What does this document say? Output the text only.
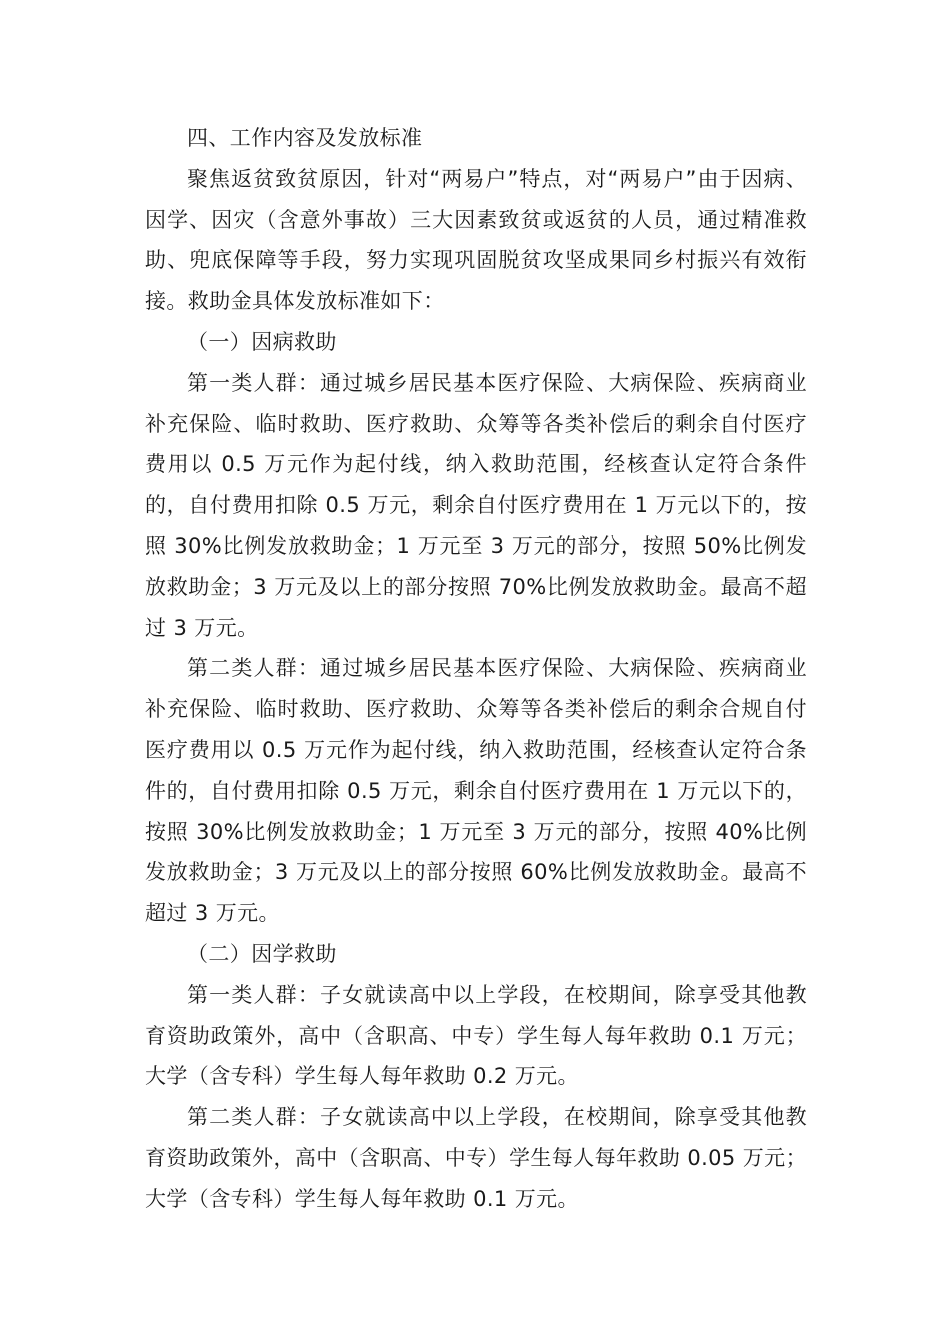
四、工作内容及发放标准

聚焦返贫致贫原因，针对“两易户”特点，对“两易户”由于因病、因学、因灾（含意外事故）三大因素致贫或返贫的人员，通过精准救助、兜底保障等手段，努力实现巩固脱贫攻坚成果同乡村振兴有效衔接。救助金具体发放标准如下：

（一）因病救助

第一类人群：通过城乡居民基本医疗保险、大病保险、疾病商业补充保险、临时救助、医疗救助、众筹等各类补偿后的剩余自付医疗费用以 0.5 万元作为起付线，纳入救助范围，经核查认定符合条件的，自付费用扣除 0.5 万元，剩余自付医疗费用在 1 万元以下的，按照 30%比例发放救助金；1 万元至 3 万元的部分，按照 50%比例发放救助金；3 万元及以上的部分按照 70%比例发放救助金。最高不超过 3 万元。

第二类人群：通过城乡居民基本医疗保险、大病保险、疾病商业补充保险、临时救助、医疗救助、众筹等各类补偿后的剩余合规自付医疗费用以 0.5 万元作为起付线，纳入救助范围，经核查认定符合条件的，自付费用扣除 0.5 万元，剩余自付医疗费用在 1 万元以下的，按照 30%比例发放救助金；1 万元至 3 万元的部分，按照 40%比例发放救助金；3 万元及以上的部分按照 60%比例发放救助金。最高不超过 3 万元。

（二）因学救助

第一类人群：子女就读高中以上学段，在校期间，除享受其他教育资助政策外，高中（含职高、中专）学生每人每年救助 0.1 万元；大学（含专科）学生每人每年救助 0.2 万元。

第二类人群：子女就读高中以上学段，在校期间，除享受其他教育资助政策外，高中（含职高、中专）学生每人每年救助 0.05 万元；大学（含专科）学生每人每年救助 0.1 万元。
